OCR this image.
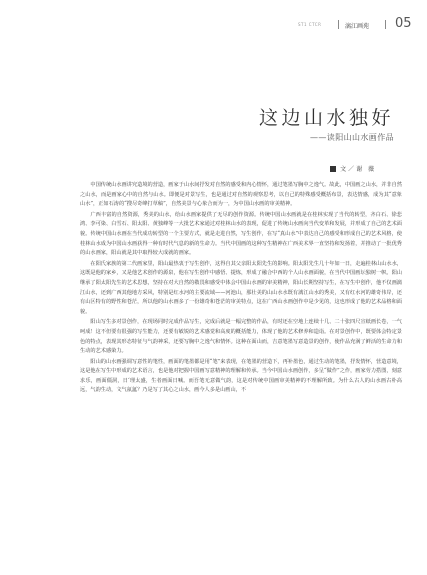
ST1 CTCR	漓江画苑 05
这边山水独好
——读阳山山水画作品
文／谢 薇

中国传统山水画讲究造境的营造，画家于山水间抒发对自然的感受和内心情怀，通过笔墨写胸中之逸气。故此，中国画之山水，并非自然之山水，而是画家心中的自然与山水。即便是对景写生，也是通过对自然的观察思考，以自己的特殊感受概括布景，表达情感，成为其“意象山水”，正如石涛的“搜尽奇峰打草稿”，自然美景与心象合而为一，为中国山水画的审美精神。

广西丰富的自然资源，秀美的山水，给山水画家提供了无尽的创作资源。传统中国山水画就是在桂林实现了当代的转型，齐白石、徐悲鸿、李可染、白雪石、阳太阳、黄独峰等一大批艺术家通过对桂林山水的表现，促进了传统山水画向当代变革和发展，并形成了自己的艺术面貌。传统中国山水画在当代成功转型的一个主要方式，就是走进自然，写生创作，在写“真山水”中表达自己的感受和形成自己的艺术风格，使桂林山水成为中国山水画获得一种有时代气息的新的生命力。当代中国画的这种写生精神在广西美术界一直坚持和发扬着，并推动了一批优秀的山水画家，阳山就是其中取得较大成就的画家。

在阳氏家族的第二代画家里，阳山最热衷于写生创作，这得自其父亲阳太阳先生的影响。阳太阳先生几十年如一日，走遍桂林山山水水，这既是他的家乡，又是他艺术创作的源泉，他在写生创作中感悟、提炼，形成了融合中西的个人山水画面貌，在当代中国画坛独树一帜。阳山继承了阳太阳先生的艺术思想，坚持在对大自然的敬畏和感受中体会中国山水画的审美精神，阳山长期坚持写生，在写生中创作，他不仅画漓江山水，还到广西其他地方采风，特别是红水河的主要流域——河池山，那壮美的山山水水既有漓江山水的秀美，又有红水河的雄奇伟岸，还有山区特有的野性和苍茫，所以他的山水画多了一份雄奇和苍茫的审美特点，这在广西山水画创作中是少见的，这也形成了他的艺术品格和面貌。

阳山写生多对景创作，在现场同时完成作品写生，完成后就是一幅完整的作品，有时还在空地上连续十几、二十张四尺宣纸画长卷，一气呵成！这不但要有很强的写生能力，还要有敏锐的艺术感觉和高度的概括能力，体现了他的艺术修养和造诣。在对景创作中，既要体会特定景色的特点，表现其形态特征与气韵神采，还要写胸中之逸气和情怀。这种在面山而，吉意笔墨写意造景的创作，使作品充满了鲜活的生命力和生动的艺术感染力。

阳山的山水画强调写意性的笔性，画面的笔墨都是用“笔”来表现，在笔墨的营造下，再补墨色，通过生动的笔墨，抒发情怀，营造意境，这是他在写生中形成的艺术语言，也是他对把握中国画写意精神的理解和传承。当今中国山水画创作，多呈“做作”之作，画家劳力搭图，刻意求乐，画面僵洞，日‘理太盛，生者画面日喊。而吾笔无意做气韵，这是对传统中国画审美精神的不理解所致。为什么古人的山水画古朴高远，气韵生动，文气氤氲？乃是写了其心之山水，画今人多是山画山，不
